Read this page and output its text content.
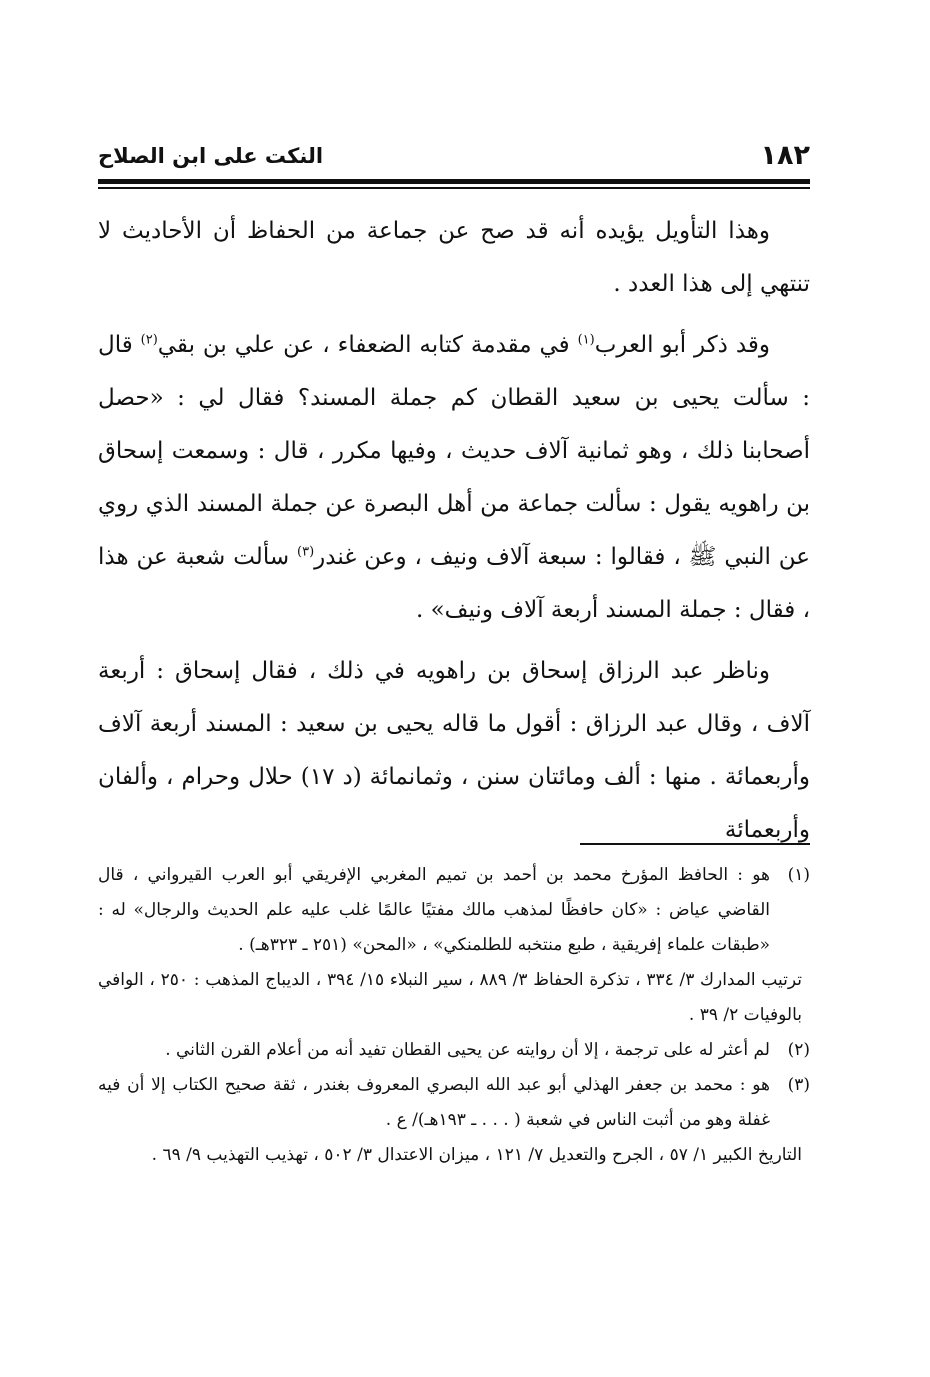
١٨٢
النكت على ابن الصلاح

وهذا التأويل يؤيده أنه قد صح عن جماعة من الحفاظ أن الأحاديث لا تنتهي إلى هذا العدد .

وقد ذكر أبو العرب$^{(١)}$ في مقدمة كتابه الضعفاء ، عن علي بن بقي$^{(٢)}$ قال : سألت يحيى بن سعيد القطان كم جملة المسند؟ فقال لي : «حصل أصحابنا ذلك ، وهو ثمانية آلاف حديث ، وفيها مكرر ، قال : وسمعت إسحاق بن راهويه يقول : سألت جماعة من أهل البصرة عن جملة المسند الذي روي عن النبي ﷺ ، فقالوا : سبعة آلاف ونيف ، وعن غندر$^{(٣)}$ سألت شعبة عن هذا ، فقال : جملة المسند أربعة آلاف ونيف» .

وناظر عبد الرزاق إسحاق بن راهويه في ذلك ، فقال إسحاق : أربعة آلاف ، وقال عبد الرزاق : أقول ما قاله يحيى بن سعيد : المسند أربعة آلاف وأربعمائة . منها : ألف ومائتان سنن ، وثمانمائة (د ١٧) حلال وحرام ، وألفان وأربعمائة

(١)
هو : الحافظ المؤرخ محمد بن أحمد بن تميم المغربي الإفريقي أبو العرب القيرواني ، قال القاضي عياض : «كان حافظًا لمذهب مالك مفتيًا عالمًا غلب عليه علم الحديث والرجال» له : «طبقات علماء إفريقية ، طبع منتخبه للطلمنكي» ، «المحن» (٢٥١ ـ ٣٢٣هـ) .

ترتيب المدارك ٣/ ٣٣٤ ، تذكرة الحفاظ ٣/ ٨٨٩ ، سير النبلاء ١٥/ ٣٩٤ ، الديباج المذهب : ٢٥٠ ، الوافي بالوفيات ٢/ ٣٩ .

(٢)
لم أعثر له على ترجمة ، إلا أن روايته عن يحيى القطان تفيد أنه من أعلام القرن الثاني .

(٣)
هو : محمد بن جعفر الهذلي أبو عبد الله البصري المعروف بغندر ، ثقة صحيح الكتاب إلا أن فيه غفلة وهو من أثبت الناس في شعبة ( . . . ـ ١٩٣هـ)/ ع .

التاريخ الكبير ١/ ٥٧ ، الجرح والتعديل ٧/ ١٢١ ، ميزان الاعتدال ٣/ ٥٠٢ ، تهذيب التهذيب ٩/ ٦٩ .
